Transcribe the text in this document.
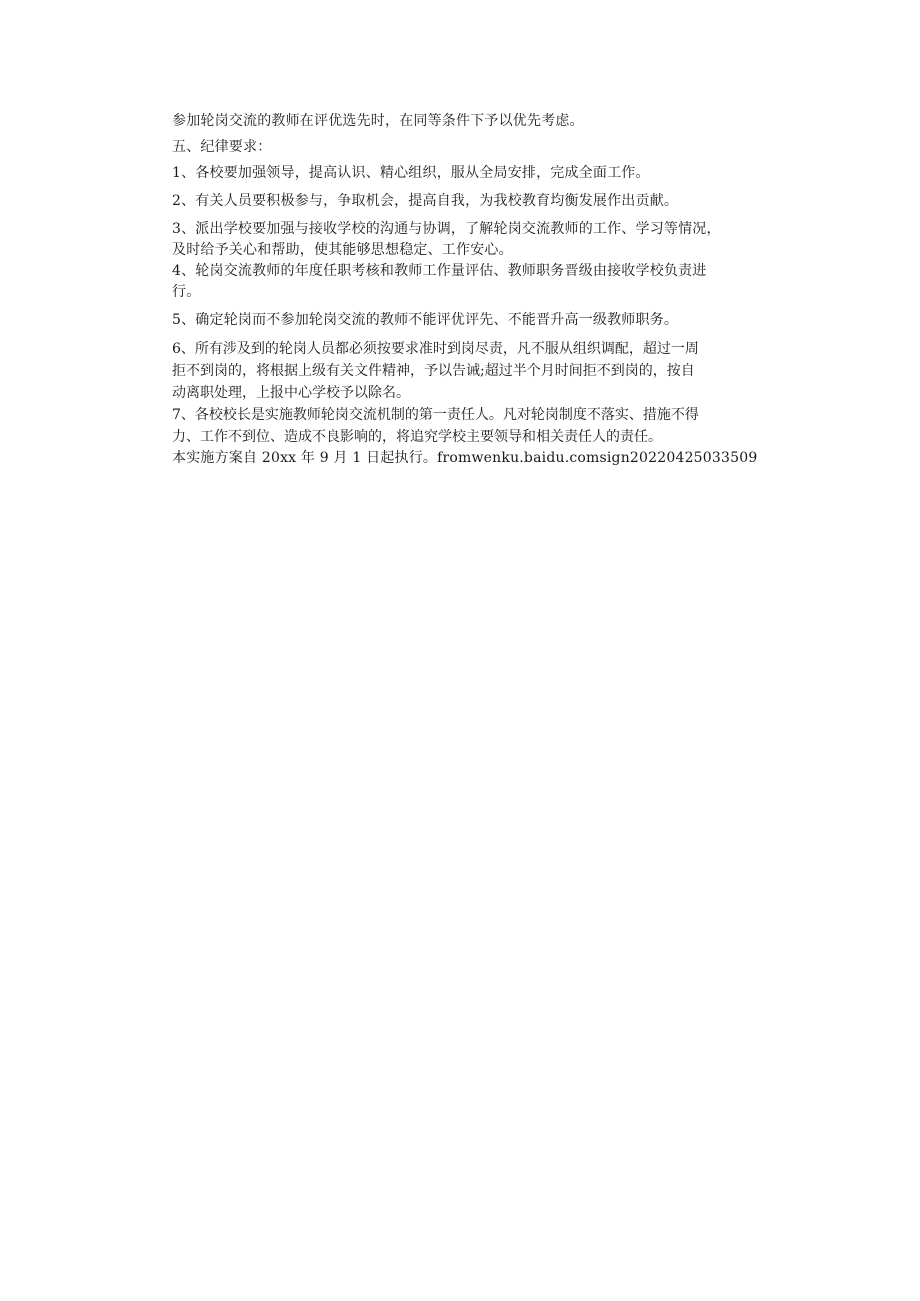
参加轮岗交流的教师在评优选先时，在同等条件下予以优先考虑。

五、纪律要求：

1、各校要加强领导，提高认识、精心组织，服从全局安排，完成全面工作。

2、有关人员要积极参与，争取机会，提高自我，为我校教育均衡发展作出贡献。

3、派出学校要加强与接收学校的沟通与协调，了解轮岗交流教师的工作、学习等情况，

及时给予关心和帮助，使其能够思想稳定、工作安心。

4、轮岗交流教师的年度任职考核和教师工作量评估、教师职务晋级由接收学校负责进

行。

5、确定轮岗而不参加轮岗交流的教师不能评优评先、不能晋升高一级教师职务。

6、所有涉及到的轮岗人员都必须按要求准时到岗尽责，凡不服从组织调配，超过一周

拒不到岗的，将根据上级有关文件精神，予以告诫;超过半个月时间拒不到岗的，按自

动离职处理，上报中心学校予以除名。

7、各校校长是实施教师轮岗交流机制的第一责任人。凡对轮岗制度不落实、措施不得

力、工作不到位、造成不良影响的，将追究学校主要领导和相关责任人的责任。

本实施方案自 20xx 年 9 月 1 日起执行。fromwenku.baidu.comsign20220425033509
